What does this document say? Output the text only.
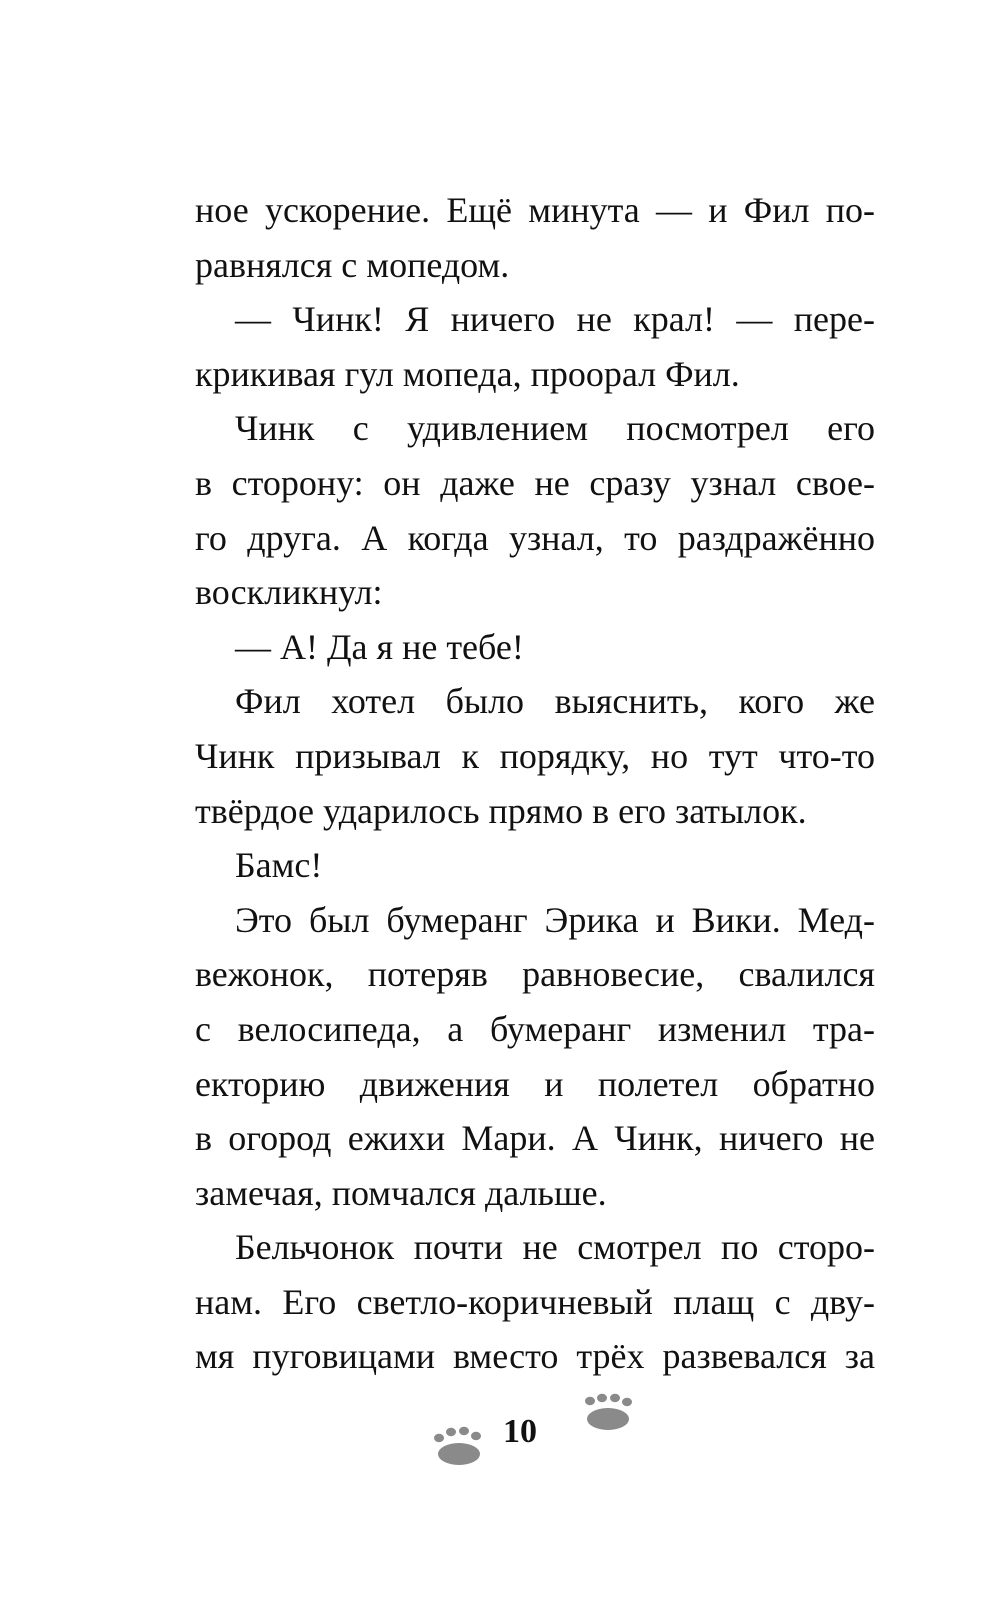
ное ускорение. Ещё минута — и Фил по-
равнялся с мопедом.
— Чинк! Я ничего не крал! — пере-
крикивая гул мопеда, проорал Фил.
Чинк с удивлением посмотрел его
в сторону: он даже не сразу узнал свое-
го друга. А когда узнал, то раздражённо
воскликнул:
— А! Да я не тебе!
Фил хотел было выяснить, кого же
Чинк призывал к порядку, но тут что-то
твёрдое ударилось прямо в его затылок.
Бамс!
Это был бумеранг Эрика и Вики. Мед-
вежонок, потеряв равновесие, свалился
с велосипеда, а бумеранг изменил тра-
екторию движения и полетел обратно
в огород ежихи Мари. А Чинк, ничего не
замечая, помчался дальше.
Бельчонок почти не смотрел по сторо-
нам. Его светло-коричневый плащ с дву-
мя пуговицами вместо трёх развевался за
10
